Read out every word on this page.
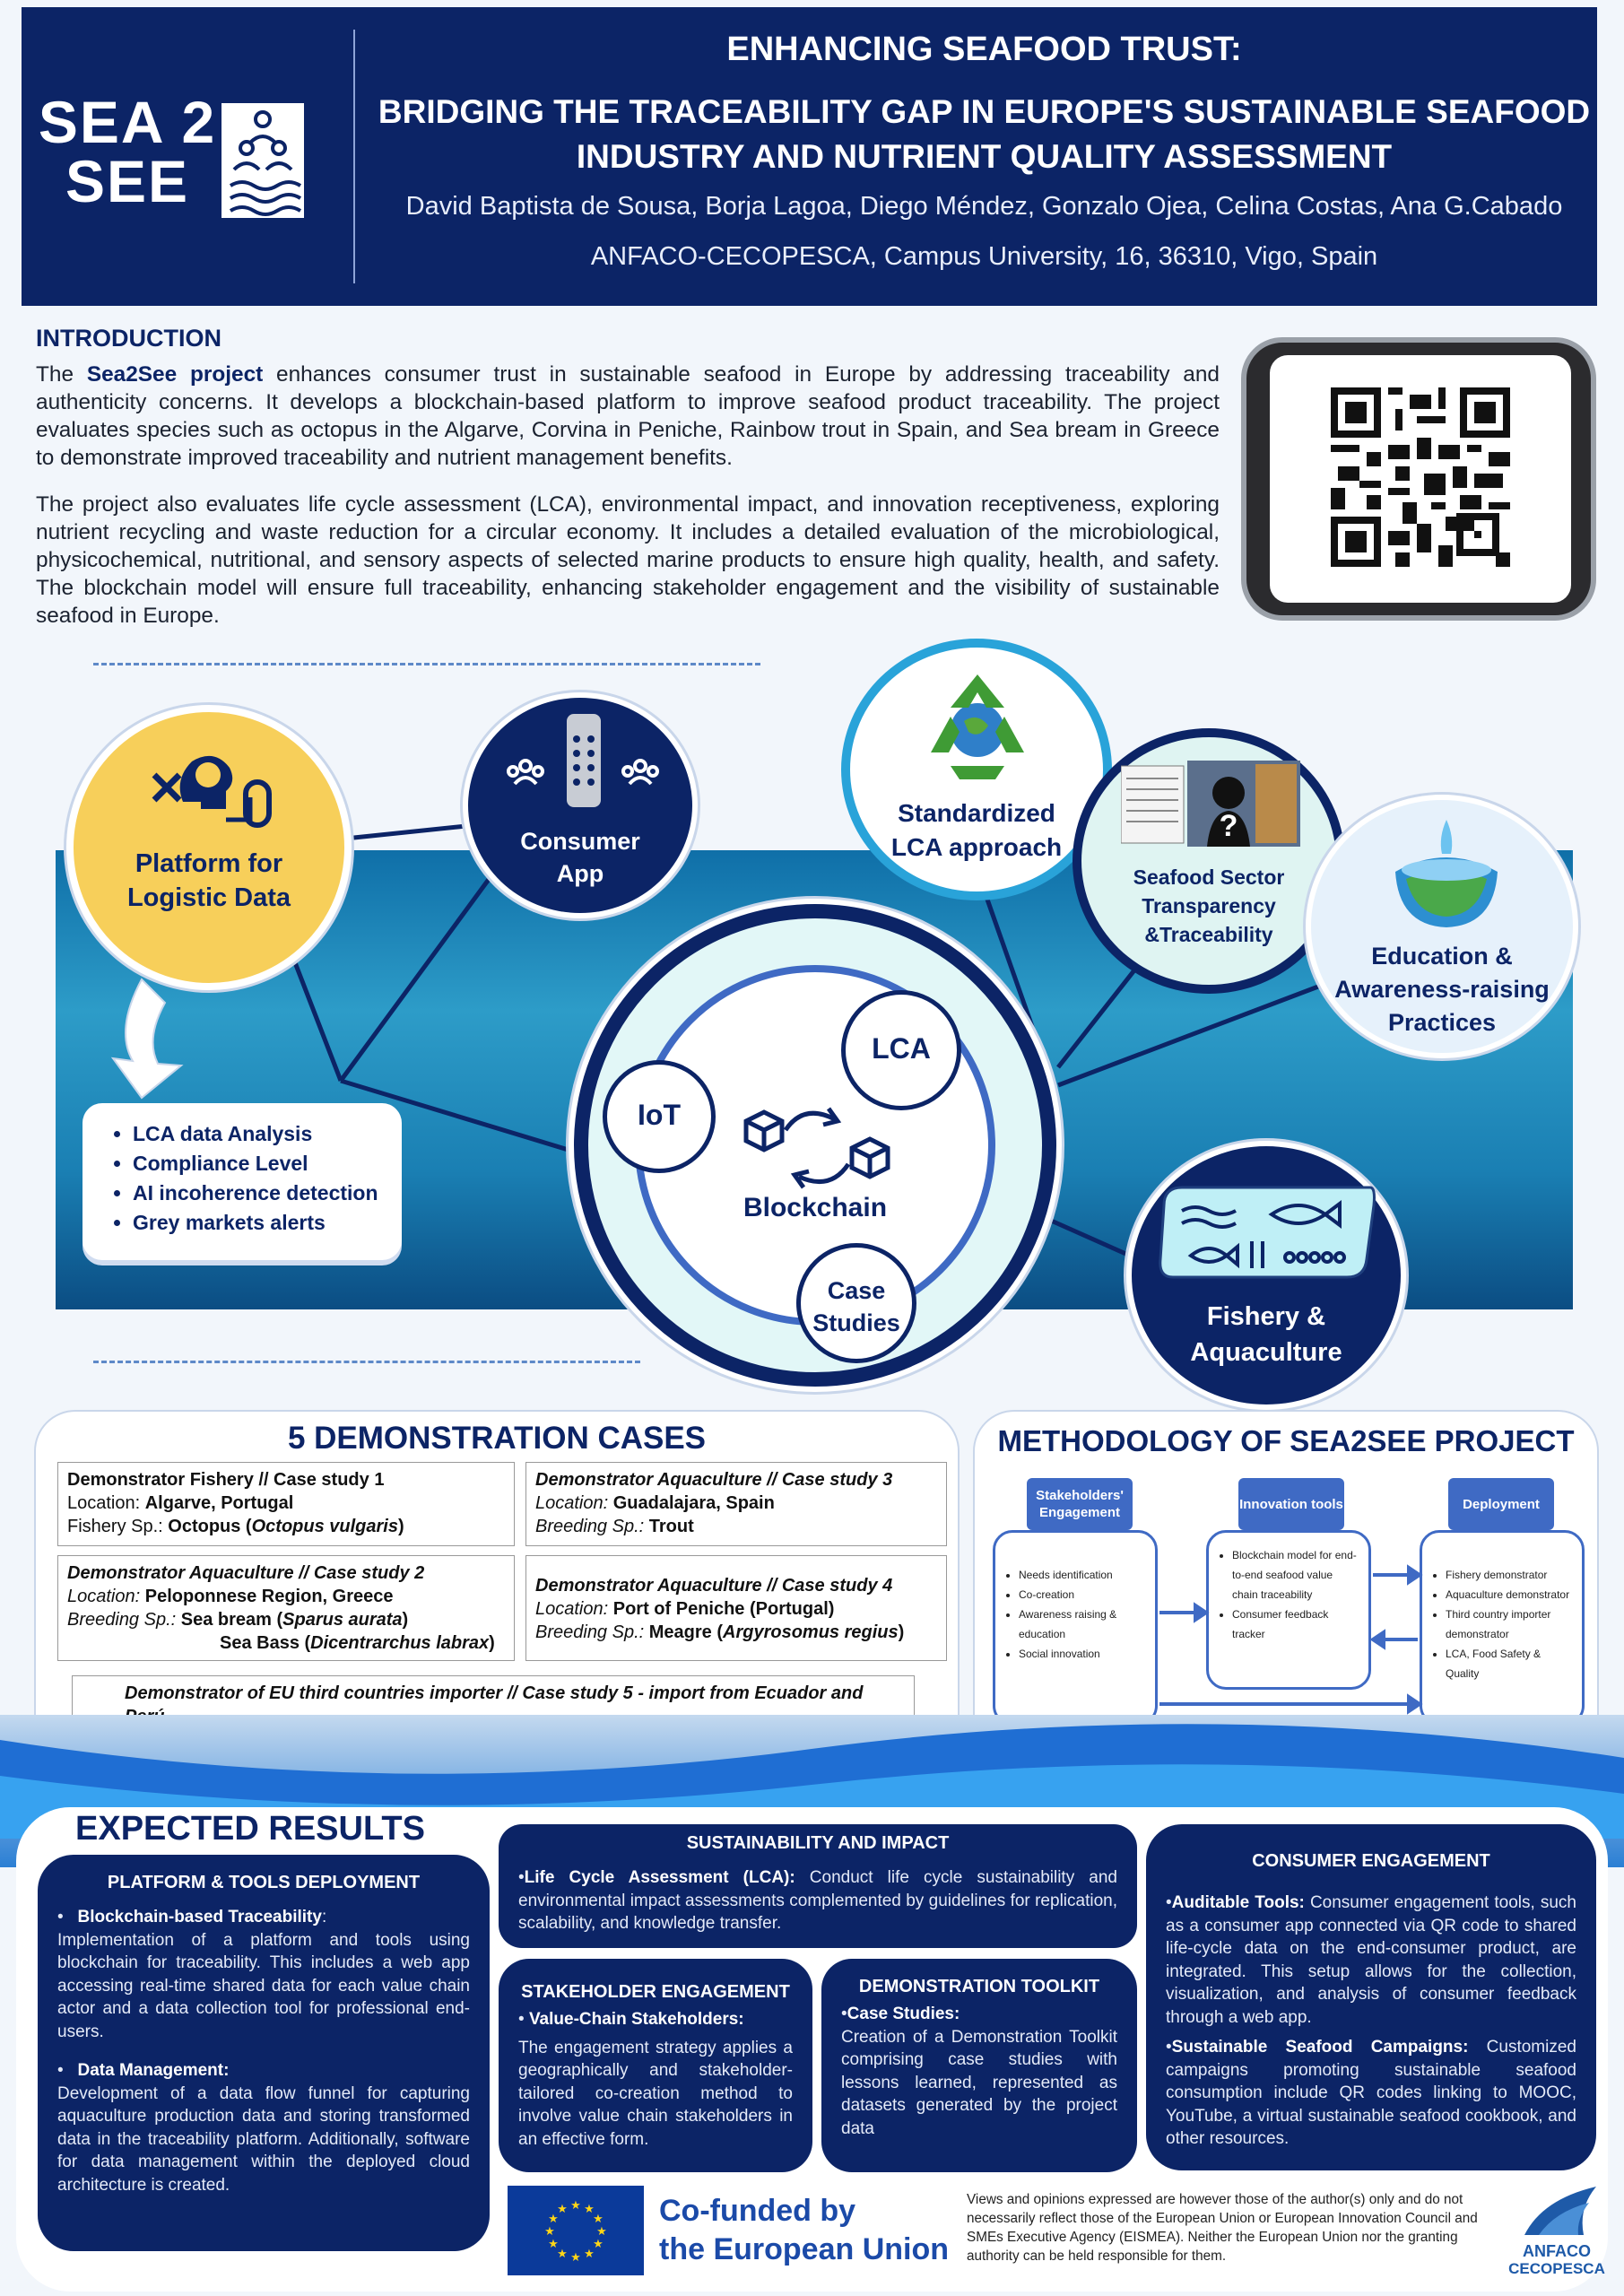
SEA 2
SEE
ENHANCING SEAFOOD TRUST:
BRIDGING THE TRACEABILITY GAP IN EUROPE'S SUSTAINABLE SEAFOOD
INDUSTRY AND NUTRIENT QUALITY ASSESSMENT
David Baptista de Sousa, Borja Lagoa, Diego Méndez, Gonzalo Ojea, Celina Costas, Ana G.Cabado
ANFACO-CECOPESCA, Campus University, 16, 36310, Vigo, Spain
INTRODUCTION

The Sea2See project enhances consumer trust in sustainable seafood in Europe by addressing traceability and authenticity concerns. It develops a blockchain-based platform to improve seafood product traceability. The project evaluates species such as octopus in the Algarve, Corvina in Peniche, Rainbow trout in Spain, and Sea bream in Greece to demonstrate improved traceability and nutrient management benefits.

The project also evaluates life cycle assessment (LCA), environmental impact, and innovation receptiveness, exploring nutrient recycling and waste reduction for a circular economy. It includes a detailed evaluation of the microbiological, physicochemical, nutritional, and sensory aspects of selected marine products to ensure high quality, health, and safety. The blockchain model will ensure full traceability, enhancing stakeholder engagement and the visibility of sustainable seafood in Europe.

Platform for
Logistic Data
• LCA data Analysis
• Compliance Level
• AI incoherence detection
• Grey markets alerts
Consumer
App
Standardized
LCA approach
?
Seafood Sector
Transparency
&Traceability
Education &
Awareness-raising
Practices
Fishery &
Aquaculture
Blockchain
IoT
LCA
Case
Studies
5 DEMONSTRATION CASES
Demonstrator Fishery // Case study 1
Location: Algarve, Portugal
Fishery Sp.: Octopus (Octopus vulgaris)
Demonstrator Aquaculture // Case study 3
Location: Guadalajara, Spain
Breeding Sp.: Trout
Demonstrator Aquaculture // Case study 2
Location: Peloponnese Region, Greece
Breeding Sp.: Sea bream (Sparus aurata)
Sea Bass (Dicentrarchus labrax)
Demonstrator Aquaculture // Case study 4
Location: Port of Peniche (Portugal)
Breeding Sp.: Meagre (Argyrosomus regius)
Demonstrator of EU third countries importer // Case study 5 - import from Ecuador and

METHODOLOGY OF SEA2SEE PROJECT
Stakeholders' Engagement
Innovation tools	Deployment
• Needs identification
• Co-creation
• Awareness raising & education
• Social innovation
• Blockchain model for end-to-end seafood value chain traceability
• Consumer feedback tracker
• Fishery demonstrator
• Aquaculture demonstrator
• Third country importer demonstrator
• LCA, Food Safety & Quality
EXPECTED RESULTS
PLATFORM & TOOLS DEPLOYMENT

•   Blockchain-based Traceability:
Implementation of a platform and tools using blockchain for traceability. This includes a web app accessing real-time shared data for each value chain actor and a data collection tool for professional end-users.

•   Data Management:
Development of a data flow funnel for capturing aquaculture production data and storing transformed data in the traceability platform. Additionally, software for data management within the deployed cloud architecture is created.

SUSTAINABILITY AND IMPACT

•Life Cycle Assessment (LCA): Conduct life cycle sustainability and environmental impact assessments complemented by guidelines for replication, scalability, and knowledge transfer.

STAKEHOLDER ENGAGEMENT

• Value-Chain Stakeholders:

The engagement strategy applies a geographically and stakeholder-tailored co-creation method to involve value chain stakeholders in an effective form.

DEMONSTRATION TOOLKIT

•Case Studies:

Creation of a Demonstration Toolkit comprising case studies with lessons learned, represented as datasets generated by the project data

CONSUMER ENGAGEMENT

•Auditable Tools: Consumer engagement tools, such as a consumer app connected via QR code to shared life-cycle data on the end-consumer product, are integrated. This setup allows for the collection, visualization, and analysis of consumer feedback through a web app.

•Sustainable Seafood Campaigns: Customized campaigns promoting sustainable seafood consumption include QR codes linking to MOOC, YouTube, a virtual sustainable seafood cookbook, and other resources.

★ ★
★
★
★
★
★
★
★
★
★
★	Co-funded by
the European Union
Views and opinions expressed are however those of the author(s) only and do not necessarily reflect those of the European Union or European Innovation Council and SMEs Executive Agency (EISMEA). Neither the European Union nor the granting authority can be held responsible for them.	ANFACO
CECOPESCA
